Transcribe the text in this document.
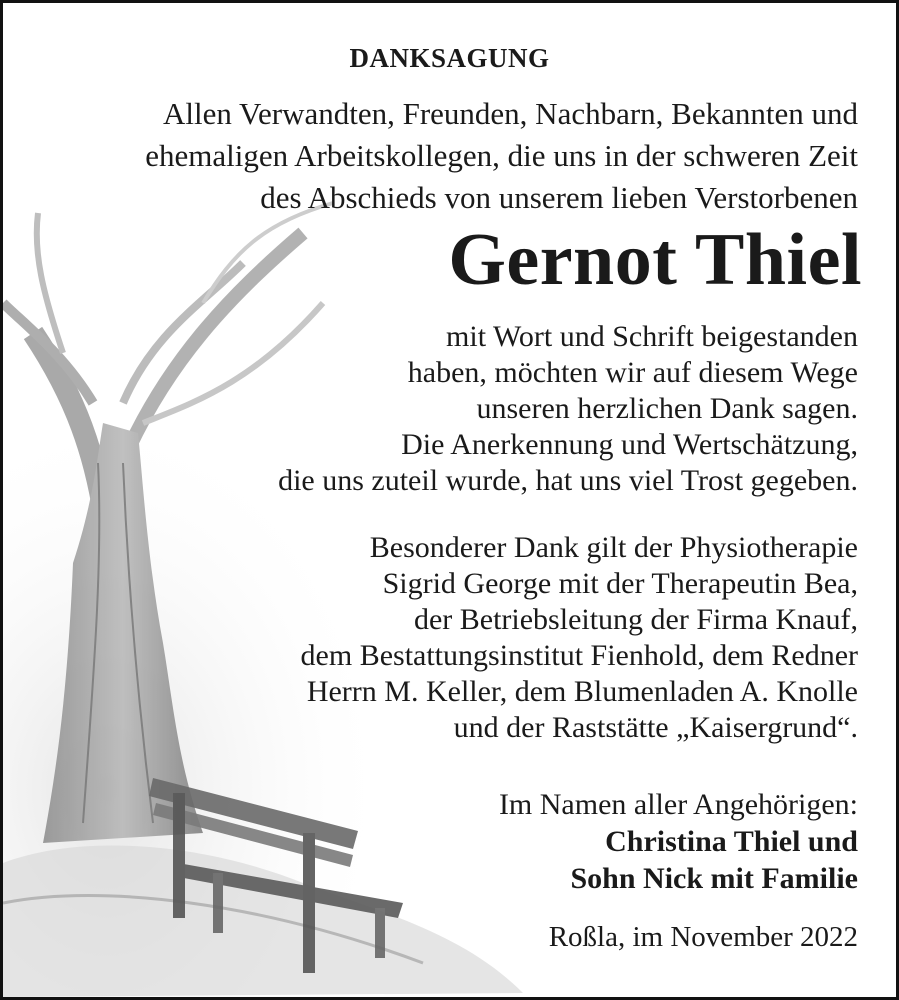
DANKSAGUNG
Allen Verwandten, Freunden, Nachbarn, Bekannten und
ehemaligen Arbeitskollegen, die uns in der schweren Zeit
des Abschieds von unserem lieben Verstorbenen
Gernot Thiel
mit Wort und Schrift beigestanden
haben, möchten wir auf diesem Wege
unseren herzlichen Dank sagen.
Die Anerkennung und Wertschätzung,
die uns zuteil wurde, hat uns viel Trost gegeben.
Besonderer Dank gilt der Physiotherapie
Sigrid George mit der Therapeutin Bea,
der Betriebsleitung der Firma Knauf,
dem Bestattungsinstitut Fienhold, dem Redner
Herrn M. Keller, dem Blumenladen A. Knolle
und der Raststätte „Kaisergrund“.
Im Namen aller Angehörigen:
Christina Thiel und
Sohn Nick mit Familie
Roßla, im November 2022
